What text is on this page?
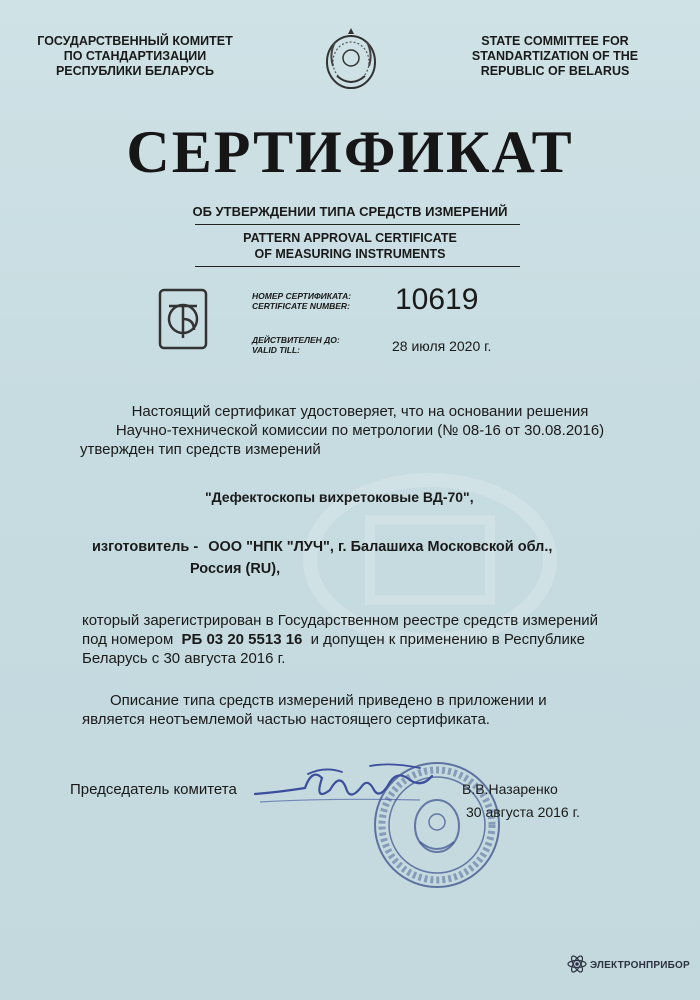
ГОСУДАРСТВЕННЫЙ КОМИТЕТ
ПО СТАНДАРТИЗАЦИИ
РЕСПУБЛИКИ БЕЛАРУСЬ
STATE COMMITTEE FOR
STANDARTIZATION OF THE
REPUBLIC OF BELARUS
СЕРТИФИКАТ
ОБ УТВЕРЖДЕНИИ ТИПА СРЕДСТВ ИЗМЕРЕНИЙ
PATTERN APPROVAL CERTIFICATE
OF MEASURING INSTRUMENTS
НОМЕР СЕРТИФИКАТА:
CERTIFICATE NUMBER: 10619
ДЕЙСТВИТЕЛЕН ДО:
VALID TILL:	28 июля 2020 г.
Настоящий сертификат удостоверяет, что на основании решения
Научно-технической комиссии по метрологии (№ 08-16 от 30.08.2016)
утвержден тип средств измерений
"Дефектоскопы вихретоковые ВД-70",
изготовитель - ООО "НПК "ЛУЧ", г. Балашиха Московской обл.,
Россия (RU),
который зарегистрирован в Государственном реестре средств измерений
под номером РБ 03 20 5513 16 и допущен к применению в Республике
Беларусь с 30 августа 2016 г.
Описание типа средств измерений приведено в приложении и
является неотъемлемой частью настоящего сертификата.
Председатель комитета	В.В.Назаренко
30 августа 2016 г.
ЭЛЕКТРОНПРИБОР
